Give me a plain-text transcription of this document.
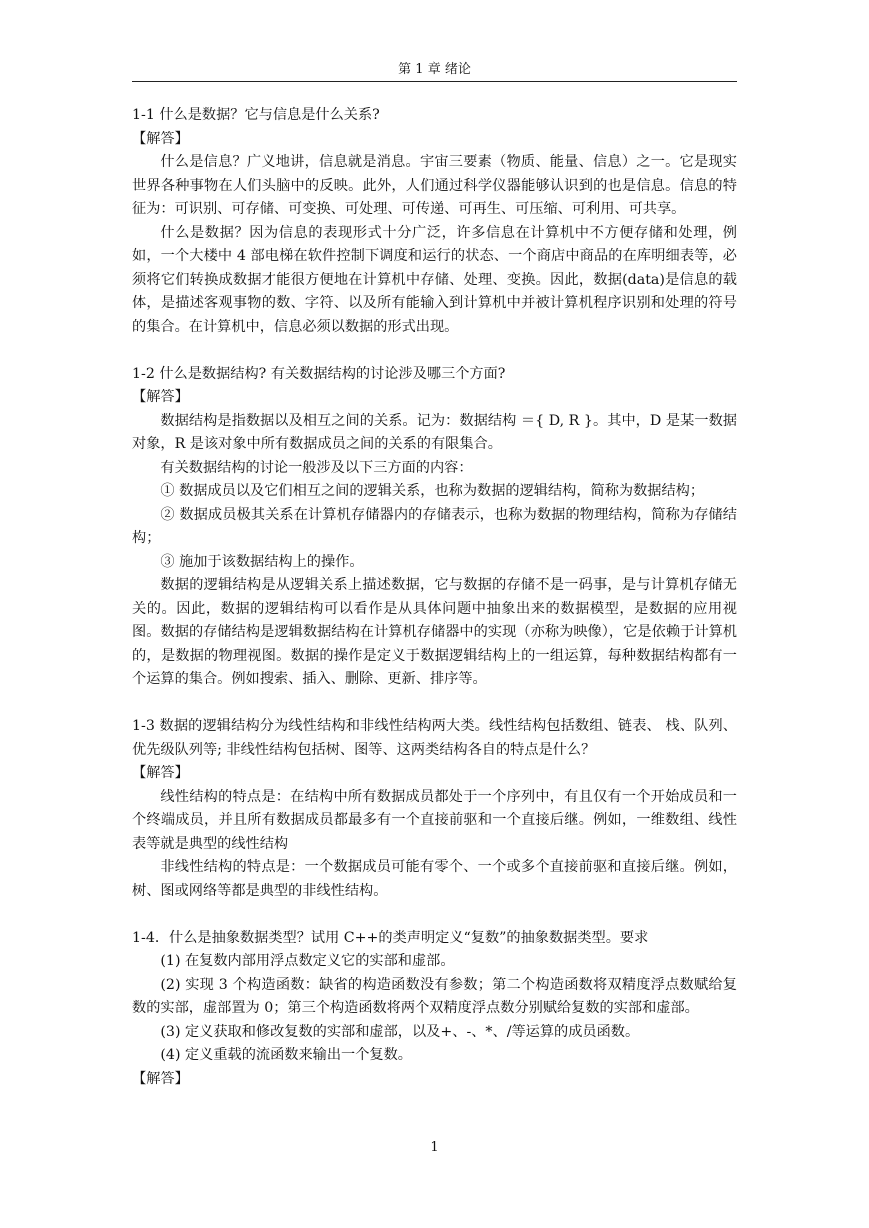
第 1 章 绪论

1-1 什么是数据？它与信息是什么关系?

【解答】

什么是信息？广义地讲，信息就是消息。宇宙三要素（物质、能量、信息）之一。它是现实世界各种事物在人们头脑中的反映。此外，人们通过科学仪器能够认识到的也是信息。信息的特征为：可识别、可存储、可变换、可处理、可传递、可再生、可压缩、可利用、可共享。

什么是数据？因为信息的表现形式十分广泛，许多信息在计算机中不方便存储和处理，例如，一个大楼中 4 部电梯在软件控制下调度和运行的状态、一个商店中商品的在库明细表等，必须将它们转换成数据才能很方便地在计算机中存储、处理、变换。因此，数据(data)是信息的载体，是描述客观事物的数、字符、以及所有能输入到计算机中并被计算机程序识别和处理的符号的集合。在计算机中，信息必须以数据的形式出现。

1-2 什么是数据结构? 有关数据结构的讨论涉及哪三个方面?

【解答】

数据结构是指数据以及相互之间的关系。记为：数据结构 ＝{ D, R }。其中，D 是某一数据对象，R 是该对象中所有数据成员之间的关系的有限集合。

有关数据结构的讨论一般涉及以下三方面的内容：

① 数据成员以及它们相互之间的逻辑关系，也称为数据的逻辑结构，简称为数据结构；

② 数据成员极其关系在计算机存储器内的存储表示，也称为数据的物理结构，简称为存储结构；

③ 施加于该数据结构上的操作。

数据的逻辑结构是从逻辑关系上描述数据，它与数据的存储不是一码事，是与计算机存储无关的。因此，数据的逻辑结构可以看作是从具体问题中抽象出来的数据模型，是数据的应用视图。数据的存储结构是逻辑数据结构在计算机存储器中的实现（亦称为映像），它是依赖于计算机的，是数据的物理视图。数据的操作是定义于数据逻辑结构上的一组运算，每种数据结构都有一个运算的集合。例如搜索、插入、删除、更新、排序等。

1-3 数据的逻辑结构分为线性结构和非线性结构两大类。线性结构包括数组、链表、 栈、队列、优先级队列等; 非线性结构包括树、图等、这两类结构各自的特点是什么？

【解答】

线性结构的特点是：在结构中所有数据成员都处于一个序列中，有且仅有一个开始成员和一个终端成员，并且所有数据成员都最多有一个直接前驱和一个直接后继。例如，一维数组、线性表等就是典型的线性结构

非线性结构的特点是：一个数据成员可能有零个、一个或多个直接前驱和直接后继。例如，树、图或网络等都是典型的非线性结构。

1-4．什么是抽象数据类型？试用 C++的类声明定义“复数”的抽象数据类型。要求

(1) 在复数内部用浮点数定义它的实部和虚部。

(2) 实现 3 个构造函数：缺省的构造函数没有参数；第二个构造函数将双精度浮点数赋给复数的实部，虚部置为 0；第三个构造函数将两个双精度浮点数分别赋给复数的实部和虚部。

(3) 定义获取和修改复数的实部和虚部，以及+、-、*、/等运算的成员函数。

(4) 定义重载的流函数来输出一个复数。

【解答】

1
